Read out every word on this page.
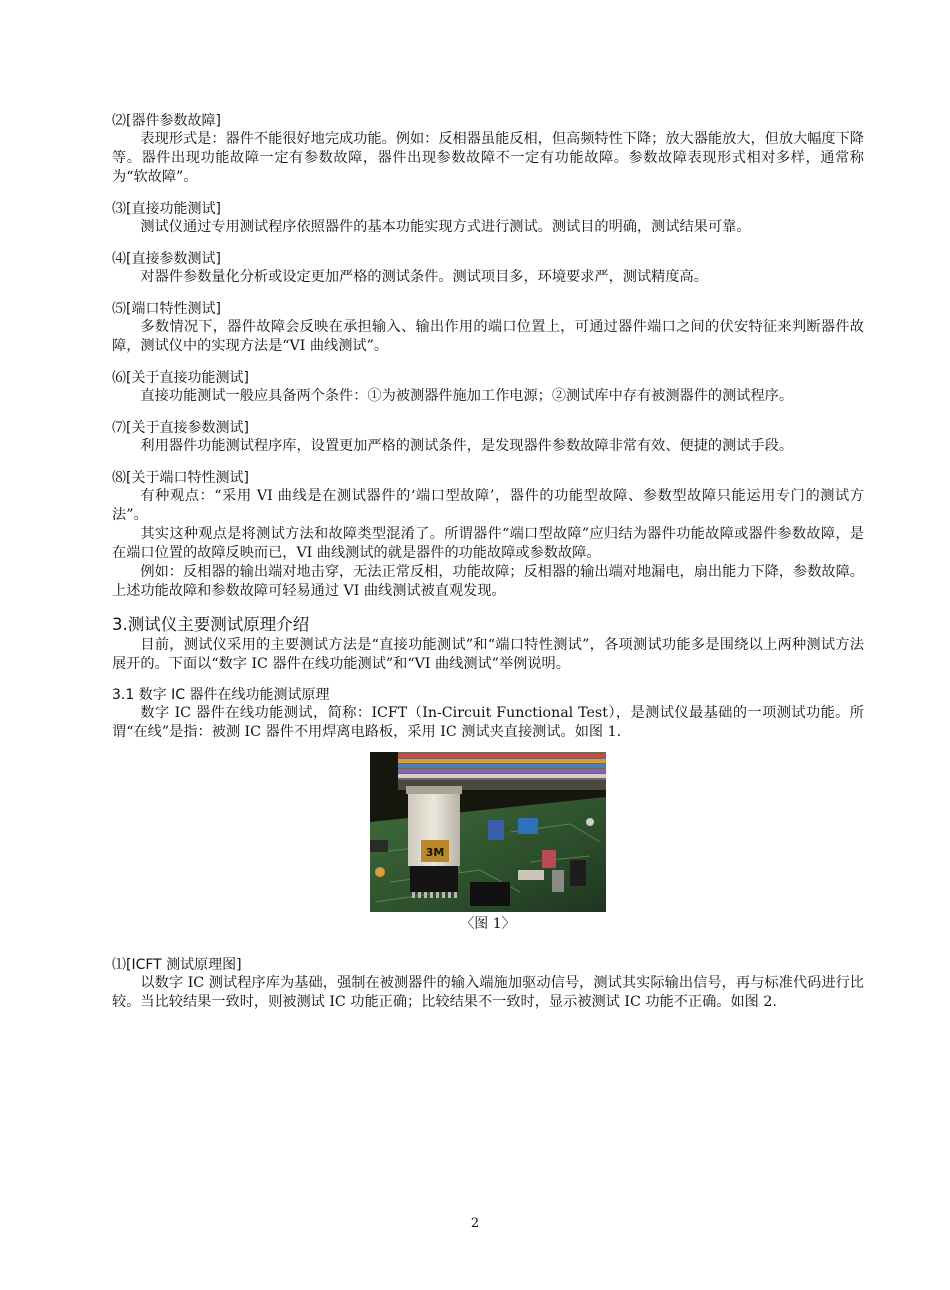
⑵[器件参数故障]

表现形式是：器件不能很好地完成功能。例如：反相器虽能反相，但高频特性下降；放大器能放大，但放大幅度下降等。器件出现功能故障一定有参数故障，器件出现参数故障不一定有功能故障。参数故障表现形式相对多样，通常称为“软故障”。

⑶[直接功能测试]

测试仪通过专用测试程序依照器件的基本功能实现方式进行测试。测试目的明确，测试结果可靠。

⑷[直接参数测试]

对器件参数量化分析或设定更加严格的测试条件。测试项目多，环境要求严，测试精度高。

⑸[端口特性测试]

多数情况下，器件故障会反映在承担输入、输出作用的端口位置上，可通过器件端口之间的伏安特征来判断器件故障，测试仪中的实现方法是“VI 曲线测试”。

⑹[关于直接功能测试]

直接功能测试一般应具备两个条件：①为被测器件施加工作电源；②测试库中存有被测器件的测试程序。

⑺[关于直接参数测试]

利用器件功能测试程序库，设置更加严格的测试条件，是发现器件参数故障非常有效、便捷的测试手段。

⑻[关于端口特性测试]

有种观点：“采用 VI 曲线是在测试器件的‘端口型故障’，器件的功能型故障、参数型故障只能运用专门的测试方法”。

其实这种观点是将测试方法和故障类型混淆了。所谓器件“端口型故障”应归结为器件功能故障或器件参数故障，是在端口位置的故障反映而已，VI 曲线测试的就是器件的功能故障或参数故障。

例如：反相器的输出端对地击穿，无法正常反相，功能故障；反相器的输出端对地漏电，扇出能力下降，参数故障。上述功能故障和参数故障可轻易通过 VI 曲线测试被直观发现。

3.测试仪主要测试原理介绍

目前，测试仪采用的主要测试方法是“直接功能测试”和“端口特性测试”，各项测试功能多是围绕以上两种测试方法展开的。下面以“数字 IC 器件在线功能测试”和“VI 曲线测试”举例说明。

3.1 数字 IC 器件在线功能测试原理

数字 IC 器件在线功能测试，简称：ICFT（In-Circuit Functional Test），是测试仪最基础的一项测试功能。所谓“在线”是指：被测 IC 器件不用焊离电路板，采用 IC 测试夹直接测试。如图 1.

3M
〈图 1〉

⑴[ICFT 测试原理图]

以数字 IC 测试程序库为基础，强制在被测器件的输入端施加驱动信号，测试其实际输出信号，再与标准代码进行比较。当比较结果一致时，则被测试 IC 功能正确；比较结果不一致时，显示被测试 IC 功能不正确。如图 2.

2
